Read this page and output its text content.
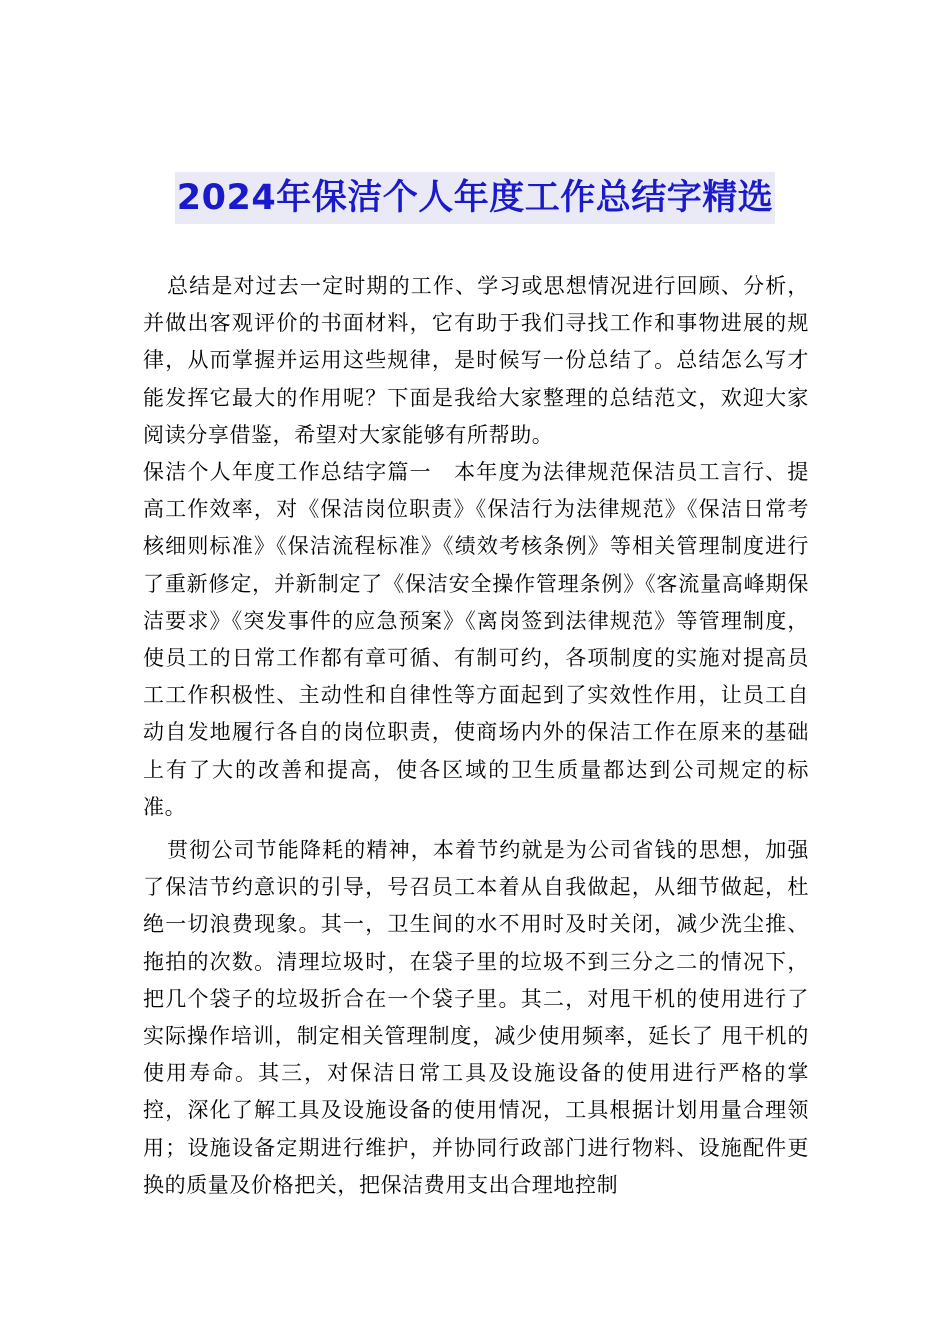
2024年保洁个人年度工作总结字精选

总结是对过去一定时期的工作、学习或思想情况进行回顾、分析，并做出客观评价的书面材料，它有助于我们寻找工作和事物进展的规律，从而掌握并运用这些规律，是时候写一份总结了。总结怎么写才能发挥它最大的作用呢？下面是我给大家整理的总结范文，欢迎大家阅读分享借鉴，希望对大家能够有所帮助。

保洁个人年度工作总结字篇一　本年度为法律规范保洁员工言行、提高工作效率，对《保洁岗位职责》《保洁行为法律规范》《保洁日常考核细则标准》《保洁流程标准》《绩效考核条例》等相关管理制度进行了重新修定，并新制定了《保洁安全操作管理条例》《客流量高峰期保洁要求》《突发事件的应急预案》《离岗签到法律规范》等管理制度，使员工的日常工作都有章可循、有制可约，各项制度的实施对提高员工工作积极性、主动性和自律性等方面起到了实效性作用，让员工自动自发地履行各自的岗位职责，使商场内外的保洁工作在原来的基础上有了大的改善和提高，使各区域的卫生质量都达到公司规定的标准。

贯彻公司节能降耗的精神，本着节约就是为公司省钱的思想，加强了保洁节约意识的引导，号召员工本着从自我做起，从细节做起，杜绝一切浪费现象。其一，卫生间的水不用时及时关闭，减少洗尘推、拖拍的次数。清理垃圾时，在袋子里的垃圾不到三分之二的情况下，把几个袋子的垃圾折合在一个袋子里。其二，对甩干机的使用进行了实际操作培训，制定相关管理制度，减少使用频率，延长了 甩干机的使用寿命。其三，对保洁日常工具及设施设备的使用进行严格的掌控，深化了解工具及设施设备的使用情况，工具根据计划用量合理领用；设施设备定期进行维护，并协同行政部门进行物料、设施配件更换的质量及价格把关，把保洁费用支出合理地控制
